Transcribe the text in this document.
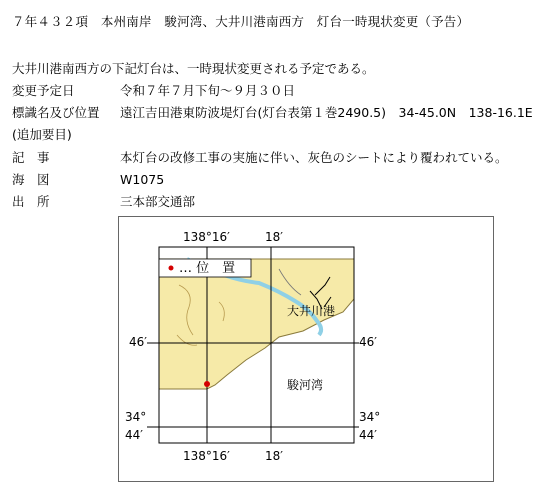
７年４３２項　本州南岸　駿河湾、大井川港南西方　灯台一時現状変更（予告）
大井川港南西方の下記灯台は、一時現状変更される予定である。
変更予定日	令和７年７月下旬～９月３０日
標識名及び位置 遠江吉田港東防波堤灯台(灯台表第１巻2490.5)　34-45.0N　138-16.1E
(追加要目)
記　事	本灯台の改修工事の実施に伴い、灰色のシートにより覆われている。
海　図	W1075
出　所	三本部交通部
… 位　置
138°16′	18′
138°16′	18′
46′	46′
34°
44′
34°
44′
大井川港
駿河湾
